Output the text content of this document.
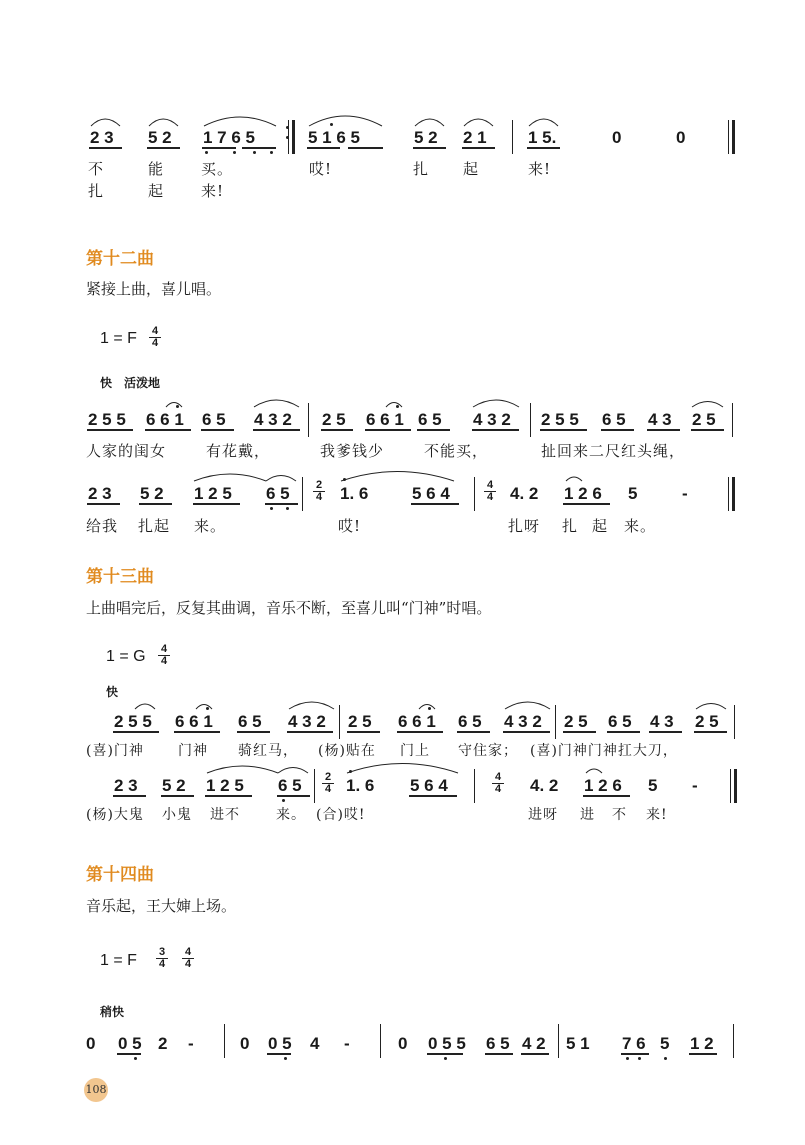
2 3 5 2 1 7 6 5	5 1 6 5	5 2 2 1 1 5.	0	0
不	能 买。	哎!	扎 起	来!
扎	起 来!
第十二曲
紧接上曲，喜儿唱。
1 = F $\frac{4}{4}$
快　活泼地
2 5 5 6 6 1 6 5 4 3 2 2 5 6 6 1 6 5 4 3 2 2 5 5 6 5 4 3 2 5
人家的闺女	有花戴，	我爹钱少	不能买，	扯回来二尺红头绳，
2 3 5 2 1 2 5 6 $5 \frac{2}{4} 1$. 6	5 6 4	$\frac{4}{4} 4$. 2 1 2 6 5	-
给我 扎起 来。	哎!	扎呀 扎 起 来。
第十三曲
上曲唱完后，反复其曲调，音乐不断，至喜儿叫“门神”时唱。
1 = G $\frac{4}{4}$
快
2 5 5 6 6 1 6 5 4 3 2 2 5 6 6 1 6 5 4 3 2 2 5 6 5 4 3 2 5
(喜)门神 门神 骑红马， (杨)贴在 门上 守住家； (喜)门神门神扛大刀，
2 3 5 2 1 2 5 6 $5 \frac{2}{4} 1$. 6 5 6 4	$\frac{4}{4} 4$. 2 1 2 6 5 -
(杨)大鬼 小鬼 进不	来。 (合)哎!	进呀 进 不 来!
第十四曲
音乐起，王大婶上场。
1 = F $\frac{3}{4} \frac{4}{4}$
稍快
0 0 5 2 -	0 0 5 4 -	0 0 5 5 6 5 4 2 5 1 7 6 5 1 2
108
